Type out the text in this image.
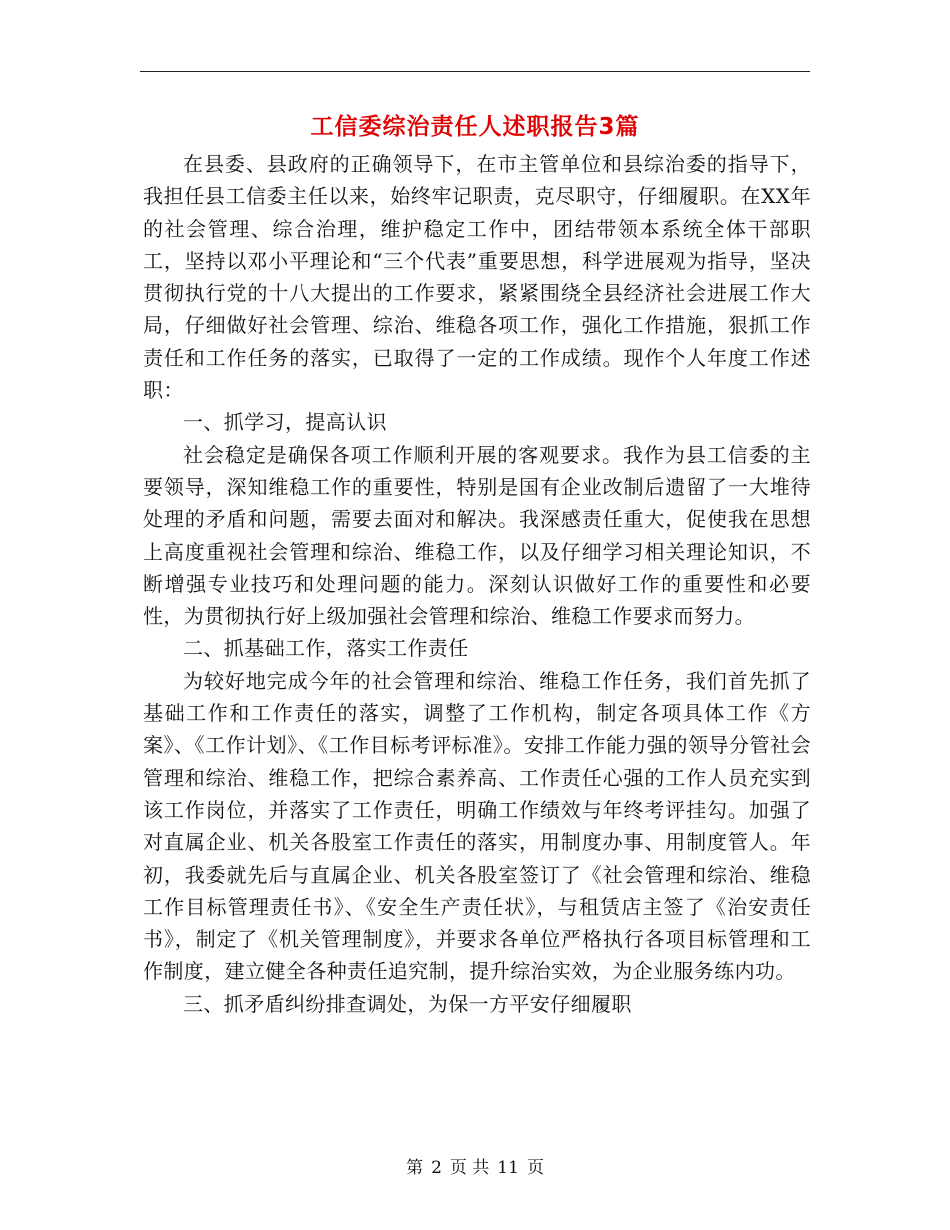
工信委综治责任人述职报告3篇

在县委、县政府的正确领导下，在市主管单位和县综治委的指导下，我担任县工信委主任以来，始终牢记职责，克尽职守，仔细履职。在XX年的社会管理、综合治理，维护稳定工作中，团结带领本系统全体干部职工，坚持以邓小平理论和“三个代表”重要思想，科学进展观为指导，坚决贯彻执行党的十八大提出的工作要求，紧紧围绕全县经济社会进展工作大局，仔细做好社会管理、综治、维稳各项工作，强化工作措施，狠抓工作责任和工作任务的落实，已取得了一定的工作成绩。现作个人年度工作述职：

一、抓学习，提高认识

社会稳定是确保各项工作顺利开展的客观要求。我作为县工信委的主要领导，深知维稳工作的重要性，特别是国有企业改制后遗留了一大堆待处理的矛盾和问题，需要去面对和解决。我深感责任重大，促使我在思想上高度重视社会管理和综治、维稳工作，以及仔细学习相关理论知识，不断增强专业技巧和处理问题的能力。深刻认识做好工作的重要性和必要性，为贯彻执行好上级加强社会管理和综治、维稳工作要求而努力。

二、抓基础工作，落实工作责任

为较好地完成今年的社会管理和综治、维稳工作任务，我们首先抓了基础工作和工作责任的落实，调整了工作机构，制定各项具体工作《方案》、《工作计划》、《工作目标考评标准》。安排工作能力强的领导分管社会管理和综治、维稳工作，把综合素养高、工作责任心强的工作人员充实到该工作岗位，并落实了工作责任，明确工作绩效与年终考评挂勾。加强了对直属企业、机关各股室工作责任的落实，用制度办事、用制度管人。年初，我委就先后与直属企业、机关各股室签订了《社会管理和综治、维稳工作目标管理责任书》、《安全生产责任状》，与租赁店主签了《治安责任书》，制定了《机关管理制度》，并要求各单位严格执行各项目标管理和工作制度，建立健全各种责任追究制，提升综治实效，为企业服务练内功。

三、抓矛盾纠纷排查调处，为保一方平安仔细履职

第 2 页 共 11 页
